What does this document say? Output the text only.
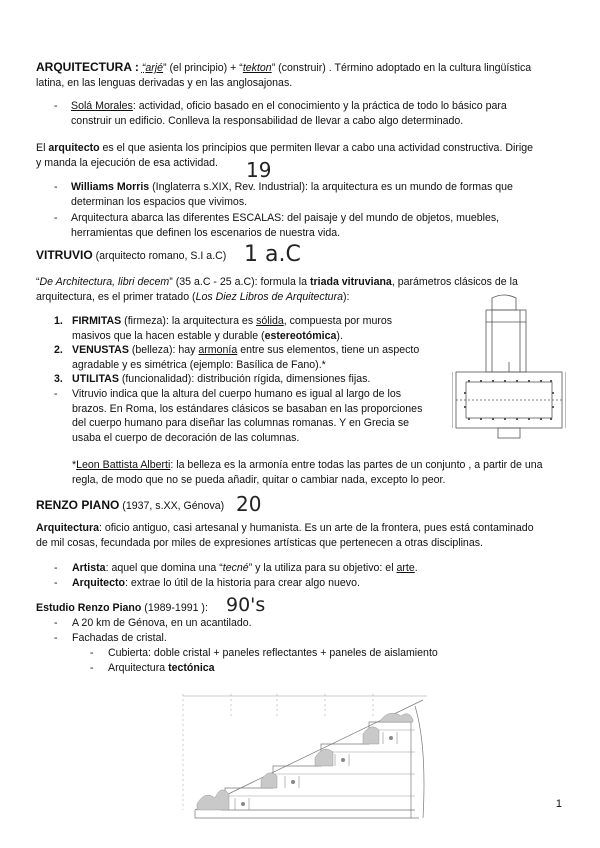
ARQUITECTURA : “arjé” (el principio) + “tekton” (construir) . Término adoptado en la cultura lingüística
latina, en las lenguas derivadas y en las anglosajonas.
- Solá Morales: actividad, oficio basado en el conocimiento y la práctica de todo lo básico para
construir un edificio. Conlleva la responsabilidad de llevar a cabo algo determinado.
El arquitecto es el que asienta los principios que permiten llevar a cabo una actividad constructiva. Dirige
y manda la ejecución de esa actividad.	19
- Williams Morris (Inglaterra s.XIX, Rev. Industrial): la arquitectura es un mundo de formas que
determinan los espacios que vivimos.
- Arquitectura abarca las diferentes ESCALAS: del paisaje y del mundo de objetos, muebles,
herramientas que definen los escenarios de nuestra vida.
VITRUVIO (arquitecto romano, S.I a.C) 1 a.C
“De Architectura, libri decem” (35 a.C - 25 a.C): formula la triada vitruviana, parámetros clásicos de la
arquitectura, es el primer tratado (Los Diez Libros de Arquitectura):
1. FIRMITAS (firmeza): la arquitectura es sólida, compuesta por muros
masivos que la hacen estable y durable (estereotómica).
2. VENUSTAS (belleza): hay armonía entre sus elementos, tiene un aspecto
agradable y es simétrica (ejemplo: Basílica de Fano).*
3. UTILITAS (funcionalidad): distribución rígida, dimensiones fijas.
- Vitruvio indica que la altura del cuerpo humano es igual al largo de los
brazos. En Roma, los estándares clásicos se basaban en las proporciones
del cuerpo humano para diseñar las columnas romanas. Y en Grecia se
usaba el cuerpo de decoración de las columnas.
*Leon Battista Alberti: la belleza es la armonía entre todas las partes de un conjunto , a partir de una
regla, de modo que no se pueda añadir, quitar o cambiar nada, excepto lo peor.
RENZO PIANO (1937, s.XX, Génova) 20
Arquitectura: oficio antiguo, casi artesanal y humanista. Es un arte de la frontera, pues está contaminado
de mil cosas, fecundada por miles de expresiones artísticas que pertenecen a otras disciplinas.
- Artista: aquel que domina una “tecné” y la utiliza para su objetivo: el arte.
- Arquitecto: extrae lo útil de la historia para crear algo nuevo.
Estudio Renzo Piano (1989-1991 ): 90's
- A 20 km de Génova, en un acantilado.
- Fachadas de cristal.
- Cubierta: doble cristal + paneles reflectantes + paneles de aislamiento
- Arquitectura tectónica
1
